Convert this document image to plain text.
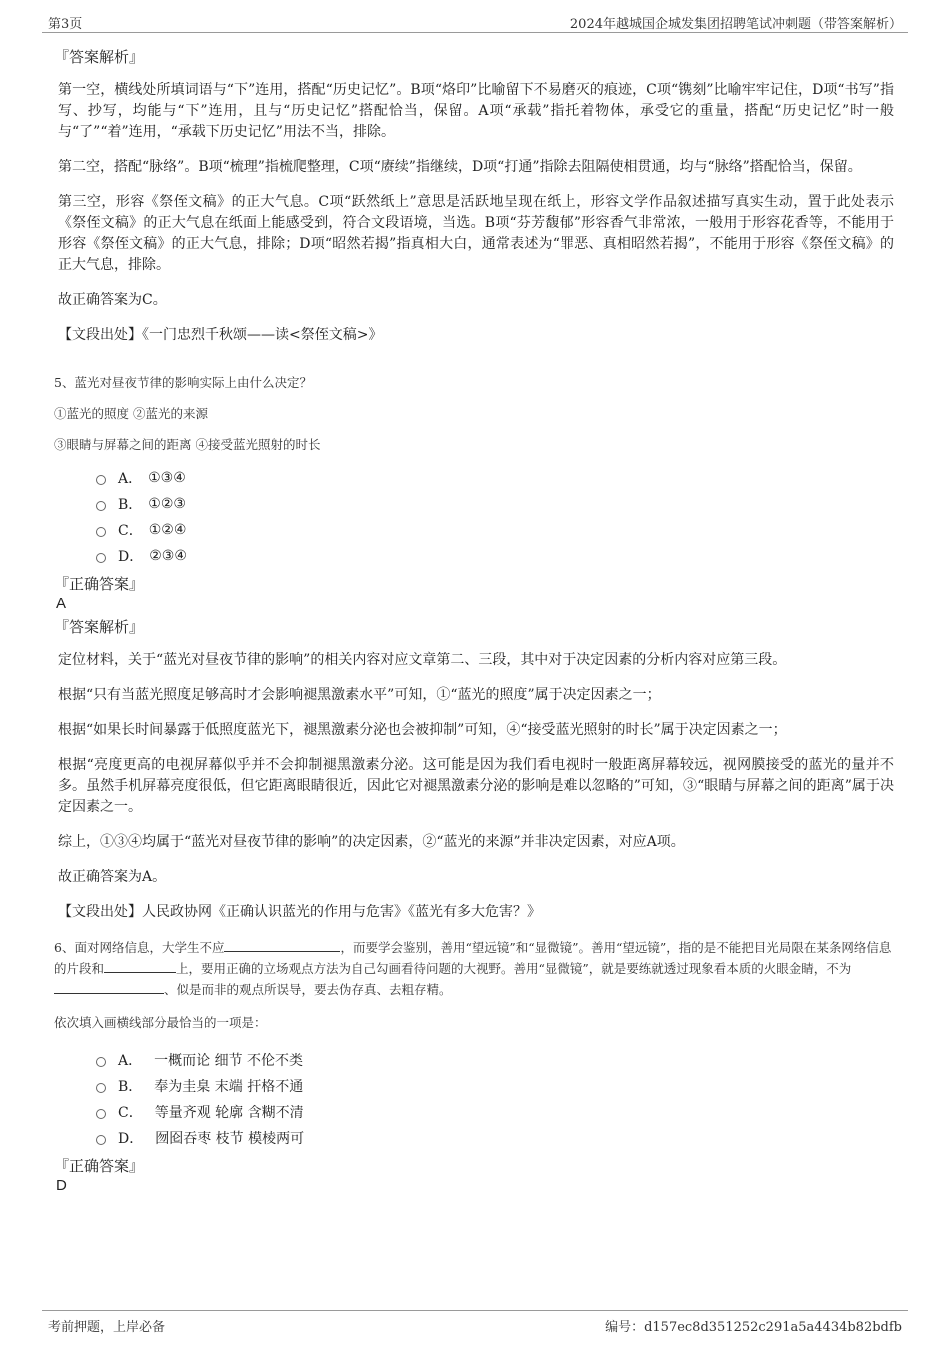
第3页	2024年越城国企城发集团招聘笔试冲刺题（带答案解析）
『答案解析』

第一空，横线处所填词语与“下”连用，搭配“历史记忆”。B项“烙印”比喻留下不易磨灭的痕迹，C项“镌刻”比喻牢牢记住，D项“书写”指写、抄写，均能与“下”连用，且与“历史记忆”搭配恰当，保留。A项“承载”指托着物体，承受它的重量，搭配“历史记忆”时一般与“了”“着”连用，“承载下历史记忆”用法不当，排除。

第二空，搭配“脉络”。B项“梳理”指梳爬整理，C项“赓续”指继续，D项“打通”指除去阻隔使相贯通，均与“脉络”搭配恰当，保留。

第三空，形容《祭侄文稿》的正大气息。C项“跃然纸上”意思是活跃地呈现在纸上，形容文学作品叙述描写真实生动，置于此处表示《祭侄文稿》的正大气息在纸面上能感受到，符合文段语境，当选。B项“芬芳馥郁”形容香气非常浓，一般用于形容花香等，不能用于形容《祭侄文稿》的正大气息，排除；D项“昭然若揭”指真相大白，通常表述为“罪恶、真相昭然若揭”，不能用于形容《祭侄文稿》的正大气息，排除。

故正确答案为C。

【文段出处】《一门忠烈千秋颂——读<祭侄文稿>》

5、蓝光对昼夜节律的影响实际上由什么决定？
①蓝光的照度 ②蓝光的来源
③眼睛与屏幕之间的距离 ④接受蓝光照射的时长
A． ①③④
B． ①②③
C． ①②④
D． ②③④
『正确答案』
A
『答案解析』

定位材料，关于“蓝光对昼夜节律的影响”的相关内容对应文章第二、三段，其中对于决定因素的分析内容对应第三段。

根据“只有当蓝光照度足够高时才会影响褪黑激素水平”可知，①“蓝光的照度”属于决定因素之一；

根据“如果长时间暴露于低照度蓝光下，褪黑激素分泌也会被抑制”可知，④“接受蓝光照射的时长”属于决定因素之一；

根据“亮度更高的电视屏幕似乎并不会抑制褪黑激素分泌。这可能是因为我们看电视时一般距离屏幕较远，视网膜接受的蓝光的量并不多。虽然手机屏幕亮度很低，但它距离眼睛很近，因此它对褪黑激素分泌的影响是难以忽略的”可知，③“眼睛与屏幕之间的距离”属于决定因素之一。

综上，①③④均属于“蓝光对昼夜节律的影响”的决定因素，②“蓝光的来源”并非决定因素，对应A项。

故正确答案为A。

【文段出处】人民政协网《正确认识蓝光的作用与危害》《蓝光有多大危害？》

6、面对网络信息，大学生不应	，而要学会鉴别，善用“望远镜”和“显微镜”。善用“望远镜”，指的是不能把目光局限在某条网络信息的片段和	上，要用正确的立场观点方法为自己勾画看待问题的大视野。善用“显微镜”，就是要练就透过现象看本质的火眼金睛，不为、似是而非的观点所误导，要去伪存真、去粗存精。
依次填入画横线部分最恰当的一项是：
A． 一概而论 细节 不伦不类
B． 奉为圭臬 末端 扞格不通
C． 等量齐观 轮廓 含糊不清
D． 囫囵吞枣 枝节 模棱两可
『正确答案』
D
考前押题，上岸必备	编号：d157ec8d351252c291a5a4434b82bdfb
